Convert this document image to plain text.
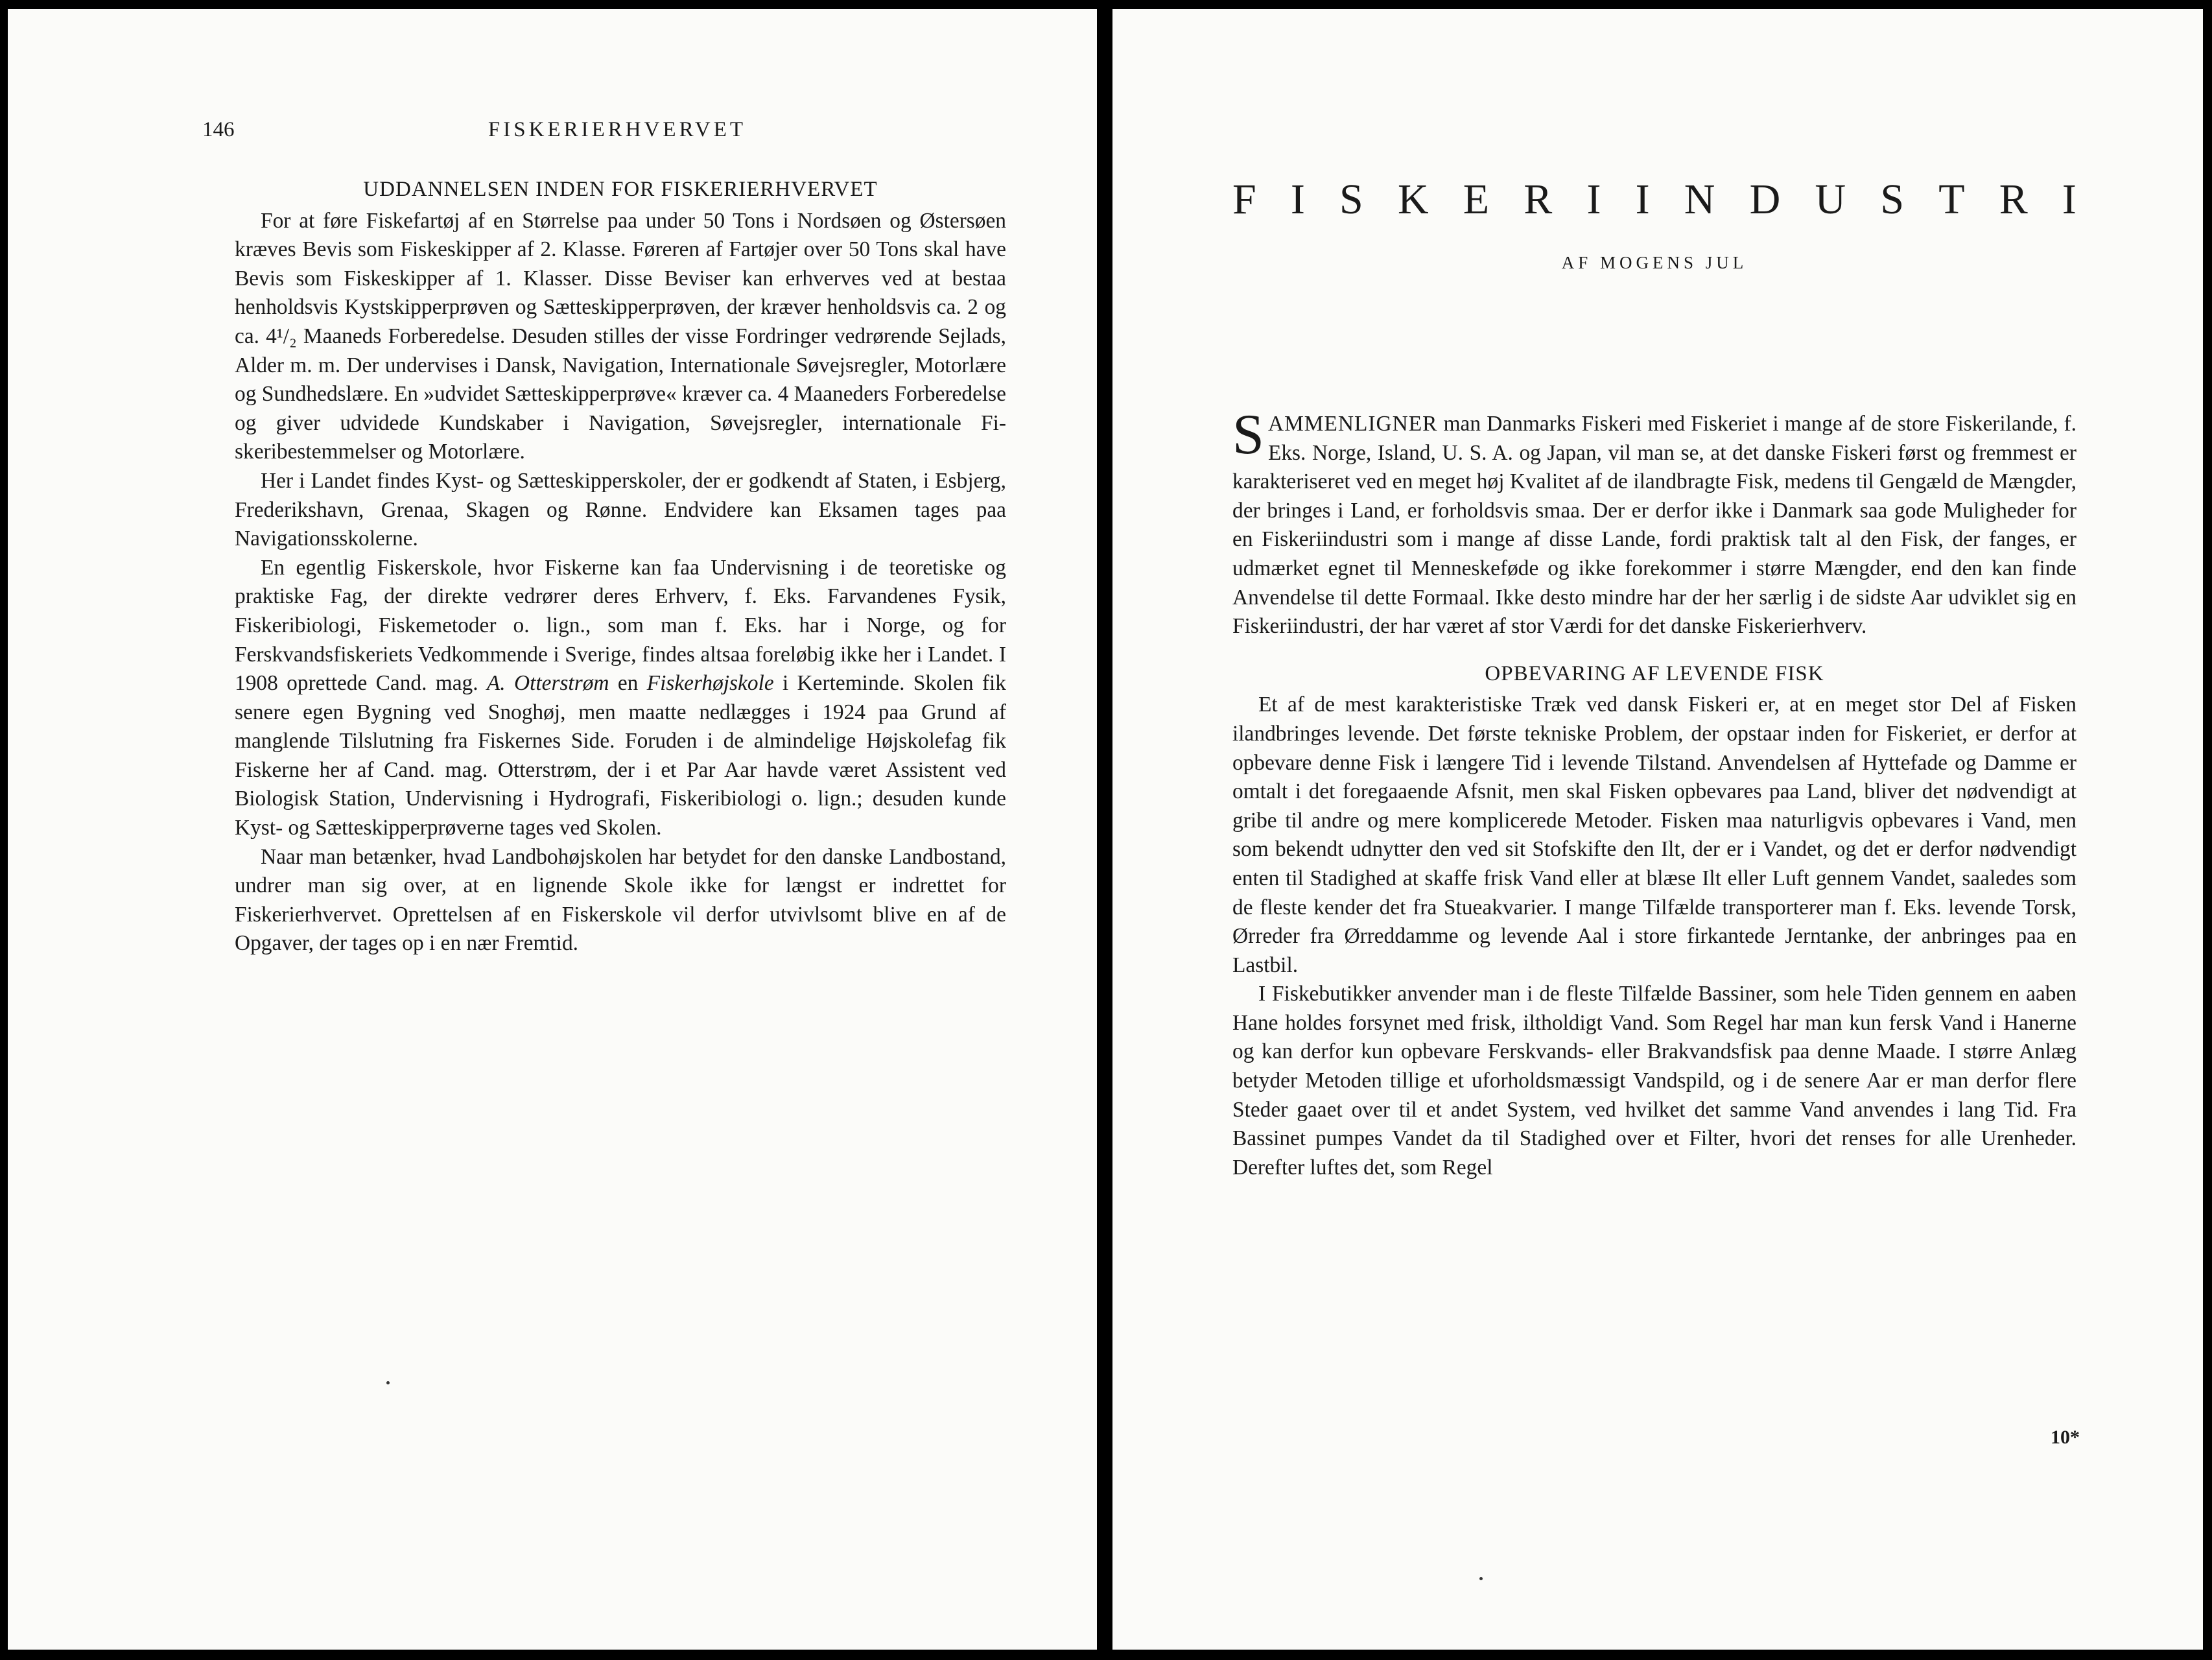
146	FISKERIERHVERVET
UDDANNELSEN INDEN FOR FISKERIERHVERVET

For at føre Fiskefartøj af en Størrelse paa under 50 Tons i Nordsøen og Østersøen kræves Bevis som Fiskeskipper af 2. Klasse. Føreren af Fartøjer over 50 Tons skal have Bevis som Fiskeskipper af 1. Klasser. Disse Beviser kan erhverves ved at bestaa henholdsvis Kystskipperprøven og Sætteskipperprøven, der kræver henholdsvis ca. 2 og ca. 4¹/₂ Maaneds Forberedelse. Desuden stilles der visse Fordringer vedrørende Sejlads, Alder m. m. Der undervises i Dansk, Navigation, Internationale Søvejsregler, Motorlære og Sundhedslære. En »udvidet Sætteskipperprøve« kræver ca. 4 Maaneders Forberedelse og giver udvidede Kundskaber i Navigation, Søvejsregler, internationale Fiskeribestemmelser og Motorlære.

Her i Landet findes Kyst- og Sætteskipperskoler, der er godkendt af Staten, i Esbjerg, Frederikshavn, Grenaa, Skagen og Rønne. Endvidere kan Eksamen tages paa Navigationsskolerne.

En egentlig Fiskerskole, hvor Fiskerne kan faa Undervisning i de teoretiske og praktiske Fag, der direkte vedrører deres Erhverv, f. Eks. Farvandenes Fysik, Fiskeribiologi, Fiskemetoder o. lign., som man f. Eks. har i Norge, og for Ferskvandsfiskeriets Vedkommende i Sverige, findes altsaa foreløbig ikke her i Landet. I 1908 oprettede Cand. mag. A. Otterstrøm en Fiskerhøjskole i Kerteminde. Skolen fik senere egen Bygning ved Snoghøj, men maatte nedlægges i 1924 paa Grund af manglende Tilslutning fra Fiskernes Side. Foruden i de almindelige Højskolefag fik Fiskerne her af Cand. mag. Otterstrøm, der i et Par Aar havde været Assistent ved Biologisk Station, Undervisning i Hydrografi, Fiskeribiologi o. lign.; desuden kunde Kyst- og Sætteskipperprøverne tages ved Skolen.

Naar man betænker, hvad Landbohøjskolen har betydet for den danske Landbostand, undrer man sig over, at en lignende Skole ikke for længst er indrettet for Fiskerierhvervet. Oprettelsen af en Fiskerskole vil derfor utvivlsomt blive en af de Opgaver, der tages op i en nær Fremtid.

F I S K E R I I N D U S T R I
AF MOGENS JUL

SAMMENLIGNER man Danmarks Fiskeri med Fiskeriet i mange af de store Fiskerilande, f. Eks. Norge, Island, U. S. A. og Japan, vil man se, at det danske Fiskeri først og fremmest er karakteriseret ved en meget høj Kvalitet af de ilandbragte Fisk, medens til Gengæld de Mængder, der bringes i Land, er forholdsvis smaa. Der er derfor ikke i Danmark saa gode Muligheder for en Fiskeriindustri som i mange af disse Lande, fordi praktisk talt al den Fisk, der fanges, er udmærket egnet til Menneskeføde og ikke forekommer i større Mængder, end den kan finde Anvendelse til dette Formaal. Ikke desto mindre har der her særlig i de sidste Aar udviklet sig en Fiskeriindustri, der har været af stor Værdi for det danske Fiskerierhverv.

OPBEVARING AF LEVENDE FISK

Et af de mest karakteristiske Træk ved dansk Fiskeri er, at en meget stor Del af Fisken ilandbringes levende. Det første tekniske Problem, der opstaar inden for Fiskeriet, er derfor at opbevare denne Fisk i længere Tid i levende Tilstand. Anvendelsen af Hyttefade og Damme er omtalt i det foregaaende Afsnit, men skal Fisken opbevares paa Land, bliver det nødvendigt at gribe til andre og mere komplicerede Metoder. Fisken maa naturligvis opbevares i Vand, men som bekendt udnytter den ved sit Stofskifte den Ilt, der er i Vandet, og det er derfor nødvendigt enten til Stadighed at skaffe frisk Vand eller at blæse Ilt eller Luft gennem Vandet, saaledes som de fleste kender det fra Stueakvarier. I mange Tilfælde transporterer man f. Eks. levende Torsk, Ørreder fra Ørreddamme og levende Aal i store firkantede Jerntanke, der anbringes paa en Lastbil.

I Fiskebutikker anvender man i de fleste Tilfælde Bassiner, som hele Tiden gennem en aaben Hane holdes forsynet med frisk, iltholdigt Vand. Som Regel har man kun fersk Vand i Hanerne og kan derfor kun opbevare Ferskvands- eller Brakvandsfisk paa denne Maade. I større Anlæg betyder Metoden tillige et uforholdsmæssigt Vandspild, og i de senere Aar er man derfor flere Steder gaaet over til et andet System, ved hvilket det samme Vand anvendes i lang Tid. Fra Bassinet pumpes Vandet da til Stadighed over et Filter, hvori det renses for alle Urenheder. Derefter luftes det, som Regel

10*
